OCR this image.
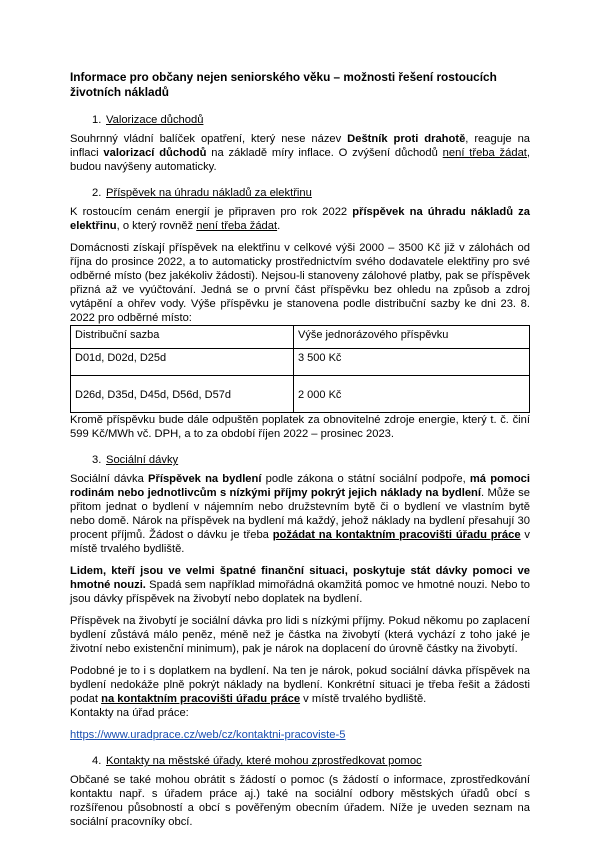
Informace pro občany nejen seniorského věku – možnosti řešení rostoucích životních nákladů
1. Valorizace důchodů

Souhrnný vládní balíček opatření, který nese název Deštník proti drahotě, reaguje na inflaci valorizací důchodů na základě míry inflace. O zvýšení důchodů není třeba žádat, budou navýšeny automaticky.

2. Příspěvek na úhradu nákladů za elektřinu

K rostoucím cenám energií je připraven pro rok 2022 příspěvek na úhradu nákladů za elektřinu, o který rovněž není třeba žádat.

Domácnosti získají příspěvek na elektřinu v celkové výši 2000 – 3500 Kč již v zálohách od října do prosince 2022, a to automaticky prostřednictvím svého dodavatele elektřiny pro své odběrné místo (bez jakékoliv žádosti). Nejsou-li stanoveny zálohové platby, pak se příspěvek přizná až ve vyúčtování. Jedná se o první část příspěvku bez ohledu na způsob a zdroj vytápění a ohřev vody. Výše příspěvku je stanovena podle distribuční sazby ke dni 23. 8. 2022 pro odběrné místo:

Distribuční sazba	Výše jednorázového příspěvku
D01d, D02d, D25d	3 500 Kč
D26d, D35d, D45d, D56d, D57d	2 000 Kč

Kromě příspěvku bude dále odpuštěn poplatek za obnovitelné zdroje energie, který t. č. činí 599 Kč/MWh vč. DPH, a to za období říjen 2022 – prosinec 2023.

3. Sociální dávky

Sociální dávka Příspěvek na bydlení podle zákona o státní sociální podpoře, má pomoci rodinám nebo jednotlivcům s nízkými příjmy pokrýt jejich náklady na bydlení. Může se přitom jednat o bydlení v nájemním nebo družstevním bytě či o bydlení ve vlastním bytě nebo domě. Nárok na příspěvek na bydlení má každý, jehož náklady na bydlení přesahují 30 procent příjmů. Žádost o dávku je třeba požádat na kontaktním pracovišti úřadu práce v místě trvalého bydliště.

Lidem, kteří jsou ve velmi špatné finanční situaci, poskytuje stát dávky pomoci ve hmotné nouzi. Spadá sem například mimořádná okamžitá pomoc ve hmotné nouzi. Nebo to jsou dávky příspěvek na živobytí nebo doplatek na bydlení.

Příspěvek na živobytí je sociální dávka pro lidi s nízkými příjmy. Pokud někomu po zaplacení bydlení zůstává málo peněz, méně než je částka na živobytí (která vychází z toho jaké je životní nebo existenční minimum), pak je nárok na doplacení do úrovně částky na živobytí.

Podobné je to i s doplatkem na bydlení. Na ten je nárok, pokud sociální dávka příspěvek na bydlení nedokáže plně pokrýt náklady na bydlení. Konkrétní situaci je třeba řešit a žádosti podat na kontaktním pracovišti úřadu práce v místě trvalého bydliště.

Kontakty na úřad práce:

https://www.uradprace.cz/web/cz/kontaktni-pracoviste-5

4. Kontakty na městské úřady, které mohou zprostředkovat pomoc

Občané se také mohou obrátit s žádostí o pomoc (s žádostí o informace, zprostředkování kontaktu např. s úřadem práce aj.) také na sociální odbory městských úřadů obcí s rozšířenou působností a obcí s pověřeným obecním úřadem. Níže je uveden seznam na sociální pracovníky obcí.
